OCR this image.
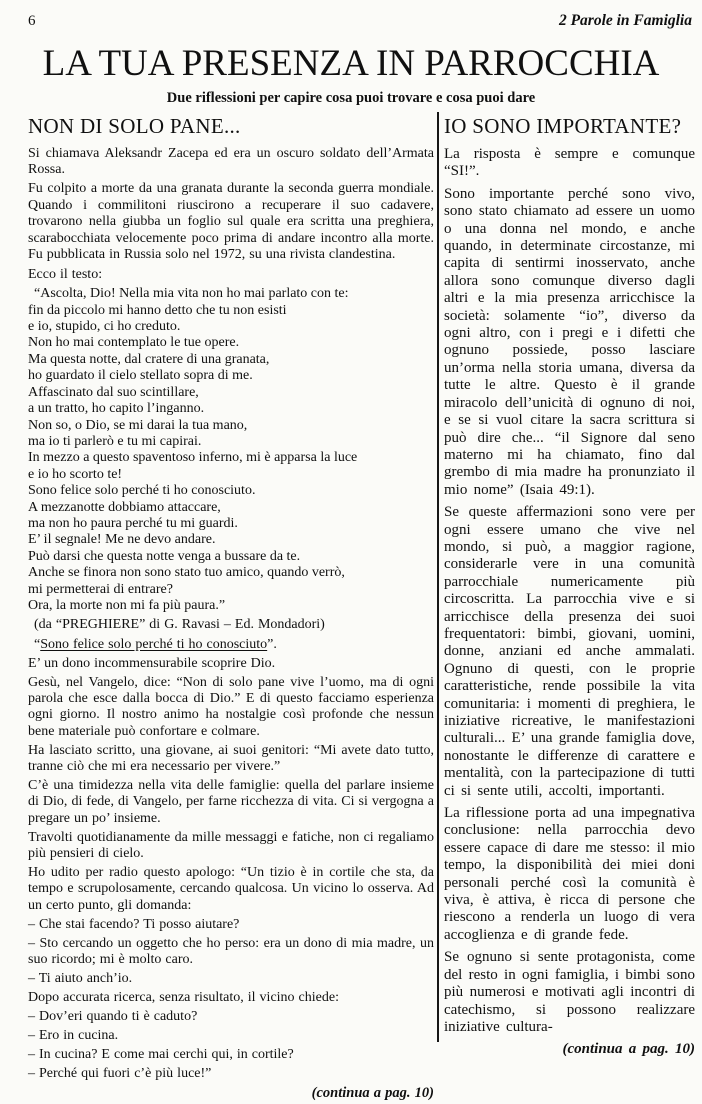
6	2 Parole in Famiglia
LA TUA PRESENZA IN PARROCCHIA
Due riflessioni per capire cosa puoi trovare e cosa puoi dare
NON DI SOLO PANE...

Si chiamava Aleksandr Zacepa ed era un oscuro soldato dell’Armata Rossa.

Fu colpito a morte da una granata durante la seconda guerra mondiale. Quando i commilitoni riuscirono a recuperare il suo cadavere, trovarono nella giubba un foglio sul quale era scritta una preghiera, scarabocchiata velocemente poco prima di andare incontro alla morte. Fu pubblicata in Russia solo nel 1972, su una rivista clandestina.

Ecco il testo:

“Ascolta, Dio! Nella mia vita non ho mai parlato con te:
fin da piccolo mi hanno detto che tu non esisti
e io, stupido, ci ho creduto.
Non ho mai contemplato le tue opere.
Ma questa notte, dal cratere di una granata,
ho guardato il cielo stellato sopra di me.
Affascinato dal suo scintillare,
a un tratto, ho capito l’inganno.
Non so, o Dio, se mi darai la tua mano,
ma io ti parlerò e tu mi capirai.
In mezzo a questo spaventoso inferno, mi è apparsa la luce
e io ho scorto te!
Sono felice solo perché ti ho conosciuto.
A mezzanotte dobbiamo attaccare,
ma non ho paura perché tu mi guardi.
E’ il segnale! Me ne devo andare.
Può darsi che questa notte venga a bussare da te.
Anche se finora non sono stato tuo amico, quando verrò,
mi permetterai di entrare?
Ora, la morte non mi fa più paura.”

(da “PREGHIERE” di G. Ravasi – Ed. Mondadori)

“Sono felice solo perché ti ho conosciuto”.

E’ un dono incommensurabile scoprire Dio.

Gesù, nel Vangelo, dice: “Non di solo pane vive l’uomo, ma di ogni parola che esce dalla bocca di Dio.” E di questo facciamo esperienza ogni giorno. Il nostro animo ha nostalgie così profonde che nessun bene materiale può confortare e colmare.

Ha lasciato scritto, una giovane, ai suoi genitori: “Mi avete dato tutto, tranne ciò che mi era necessario per vivere.”

C’è una timidezza nella vita delle famiglie: quella del parlare insieme di Dio, di fede, di Vangelo, per farne ricchezza di vita. Ci si vergogna a pregare un po’ insieme.

Travolti quotidianamente da mille messaggi e fatiche, non ci regaliamo più pensieri di cielo.

Ho udito per radio questo apologo: “Un tizio è in cortile che sta, da tempo e scrupolosamente, cercando qualcosa. Un vicino lo osserva. Ad un certo punto, gli domanda:

– Che stai facendo? Ti posso aiutare?

– Sto cercando un oggetto che ho perso: era un dono di mia madre, un suo ricordo; mi è molto caro.

– Ti aiuto anch’io.

Dopo accurata ricerca, senza risultato, il vicino chiede:

– Dov’eri quando ti è caduto?

– Ero in cucina.

– In cucina? E come mai cerchi qui, in cortile?

– Perché qui fuori c’è più luce!”

(continua a pag. 10)

IO SONO IMPORTANTE?

La risposta è sempre e comunque “SI!”.

Sono importante perché sono vivo, sono stato chiamato ad essere un uomo o una donna nel mondo, e anche quando, in determinate circostanze, mi capita di sentirmi inosservato, anche allora sono comunque diverso dagli altri e la mia presenza arricchisce la società: solamente “io”, diverso da ogni altro, con i pregi e i difetti che ognuno possiede, posso lasciare un’orma nella storia umana, diversa da tutte le altre. Questo è il grande miracolo dell’unicità di ognuno di noi, e se si vuol citare la sacra scrittura si può dire che... “il Signore dal seno materno mi ha chiamato, fino dal grembo di mia madre ha pronunziato il mio nome” (Isaia 49:1).

Se queste affermazioni sono vere per ogni essere umano che vive nel mondo, si può, a maggior ragione, considerarle vere in una comunità parrocchiale numericamente più circoscritta. La parrocchia vive e si arricchisce della presenza dei suoi frequentatori: bimbi, giovani, uomini, donne, anziani ed anche ammalati. Ognuno di questi, con le proprie caratteristiche, rende possibile la vita comunitaria: i momenti di preghiera, le iniziative ricreative, le manifestazioni culturali... E’ una grande famiglia dove, nonostante le differenze di carattere e mentalità, con la partecipazione di tutti ci si sente utili, accolti, importanti.

La riflessione porta ad una impegnativa conclusione: nella parrocchia devo essere capace di dare me stesso: il mio tempo, la disponibilità dei miei doni personali perché così la comunità è viva, è attiva, è ricca di persone che riescono a renderla un luogo di vera accoglienza e di grande fede.

Se ognuno si sente protagonista, come del resto in ogni famiglia, i bimbi sono più numerosi e motivati agli incontri di catechismo, si possono realizzare iniziative cultura-

(continua a pag. 10)
